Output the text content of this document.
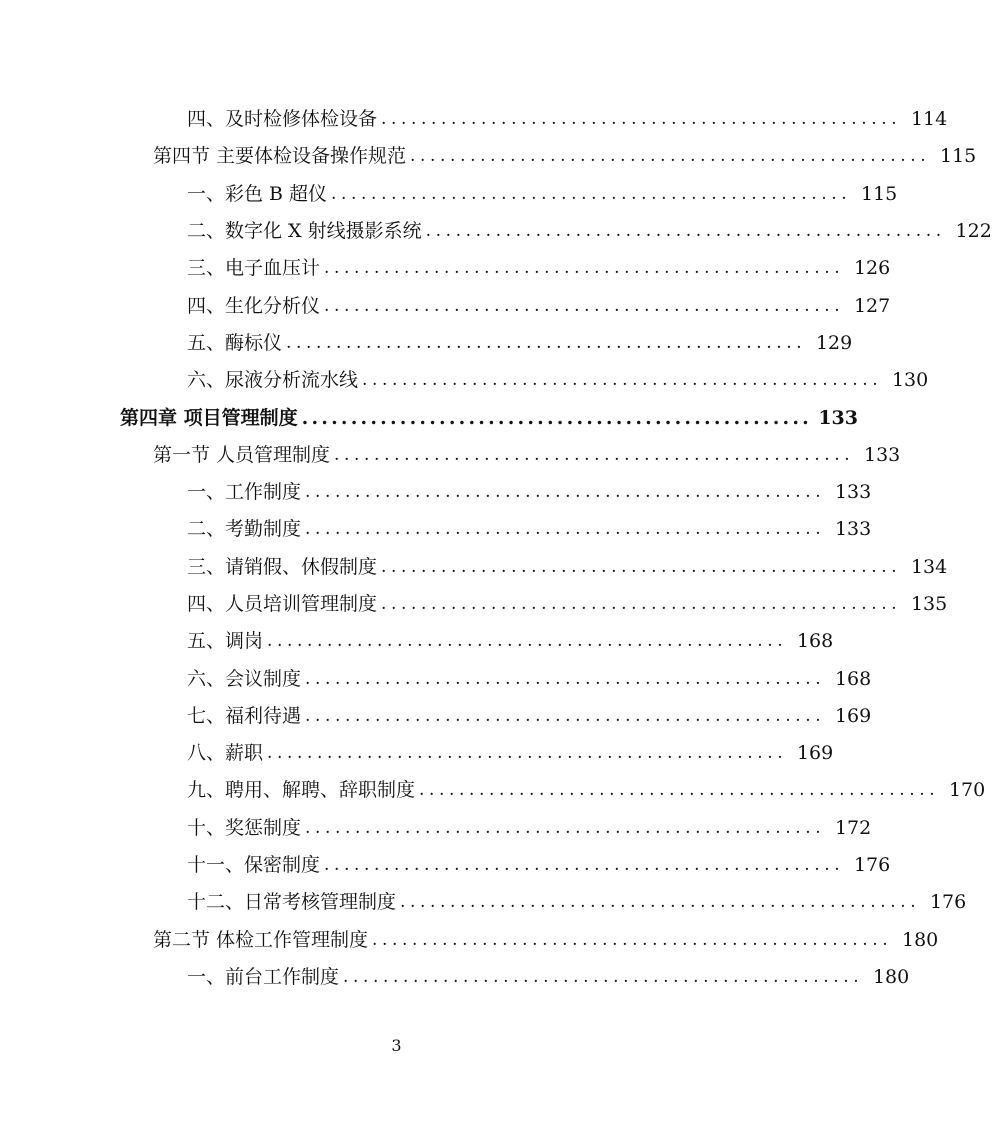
四、及时检修体检设备 .................................................... 114
第四节 主要体检设备操作规范 .................................................... 115
一、彩色 B 超仪 .................................................... 115
二、数字化 X 射线摄影系统 .................................................... 122
三、电子血压计 .................................................... 126
四、生化分析仪 .................................................... 127
五、酶标仪 .................................................... 129
六、尿液分析流水线 .................................................... 130
第四章 项目管理制度 .................................................... 133
第一节 人员管理制度 .................................................... 133
一、工作制度 .................................................... 133
二、考勤制度 .................................................... 133
三、请销假、休假制度 .................................................... 134
四、人员培训管理制度 .................................................... 135
五、调岗 .................................................... 168
六、会议制度 .................................................... 168
七、福利待遇 .................................................... 169
八、薪职 .................................................... 169
九、聘用、解聘、辞职制度 .................................................... 170
十、奖惩制度 .................................................... 172
十一、保密制度 .................................................... 176
十二、日常考核管理制度 .................................................... 176
第二节 体检工作管理制度 .................................................... 180
一、前台工作制度 .................................................... 180
3
